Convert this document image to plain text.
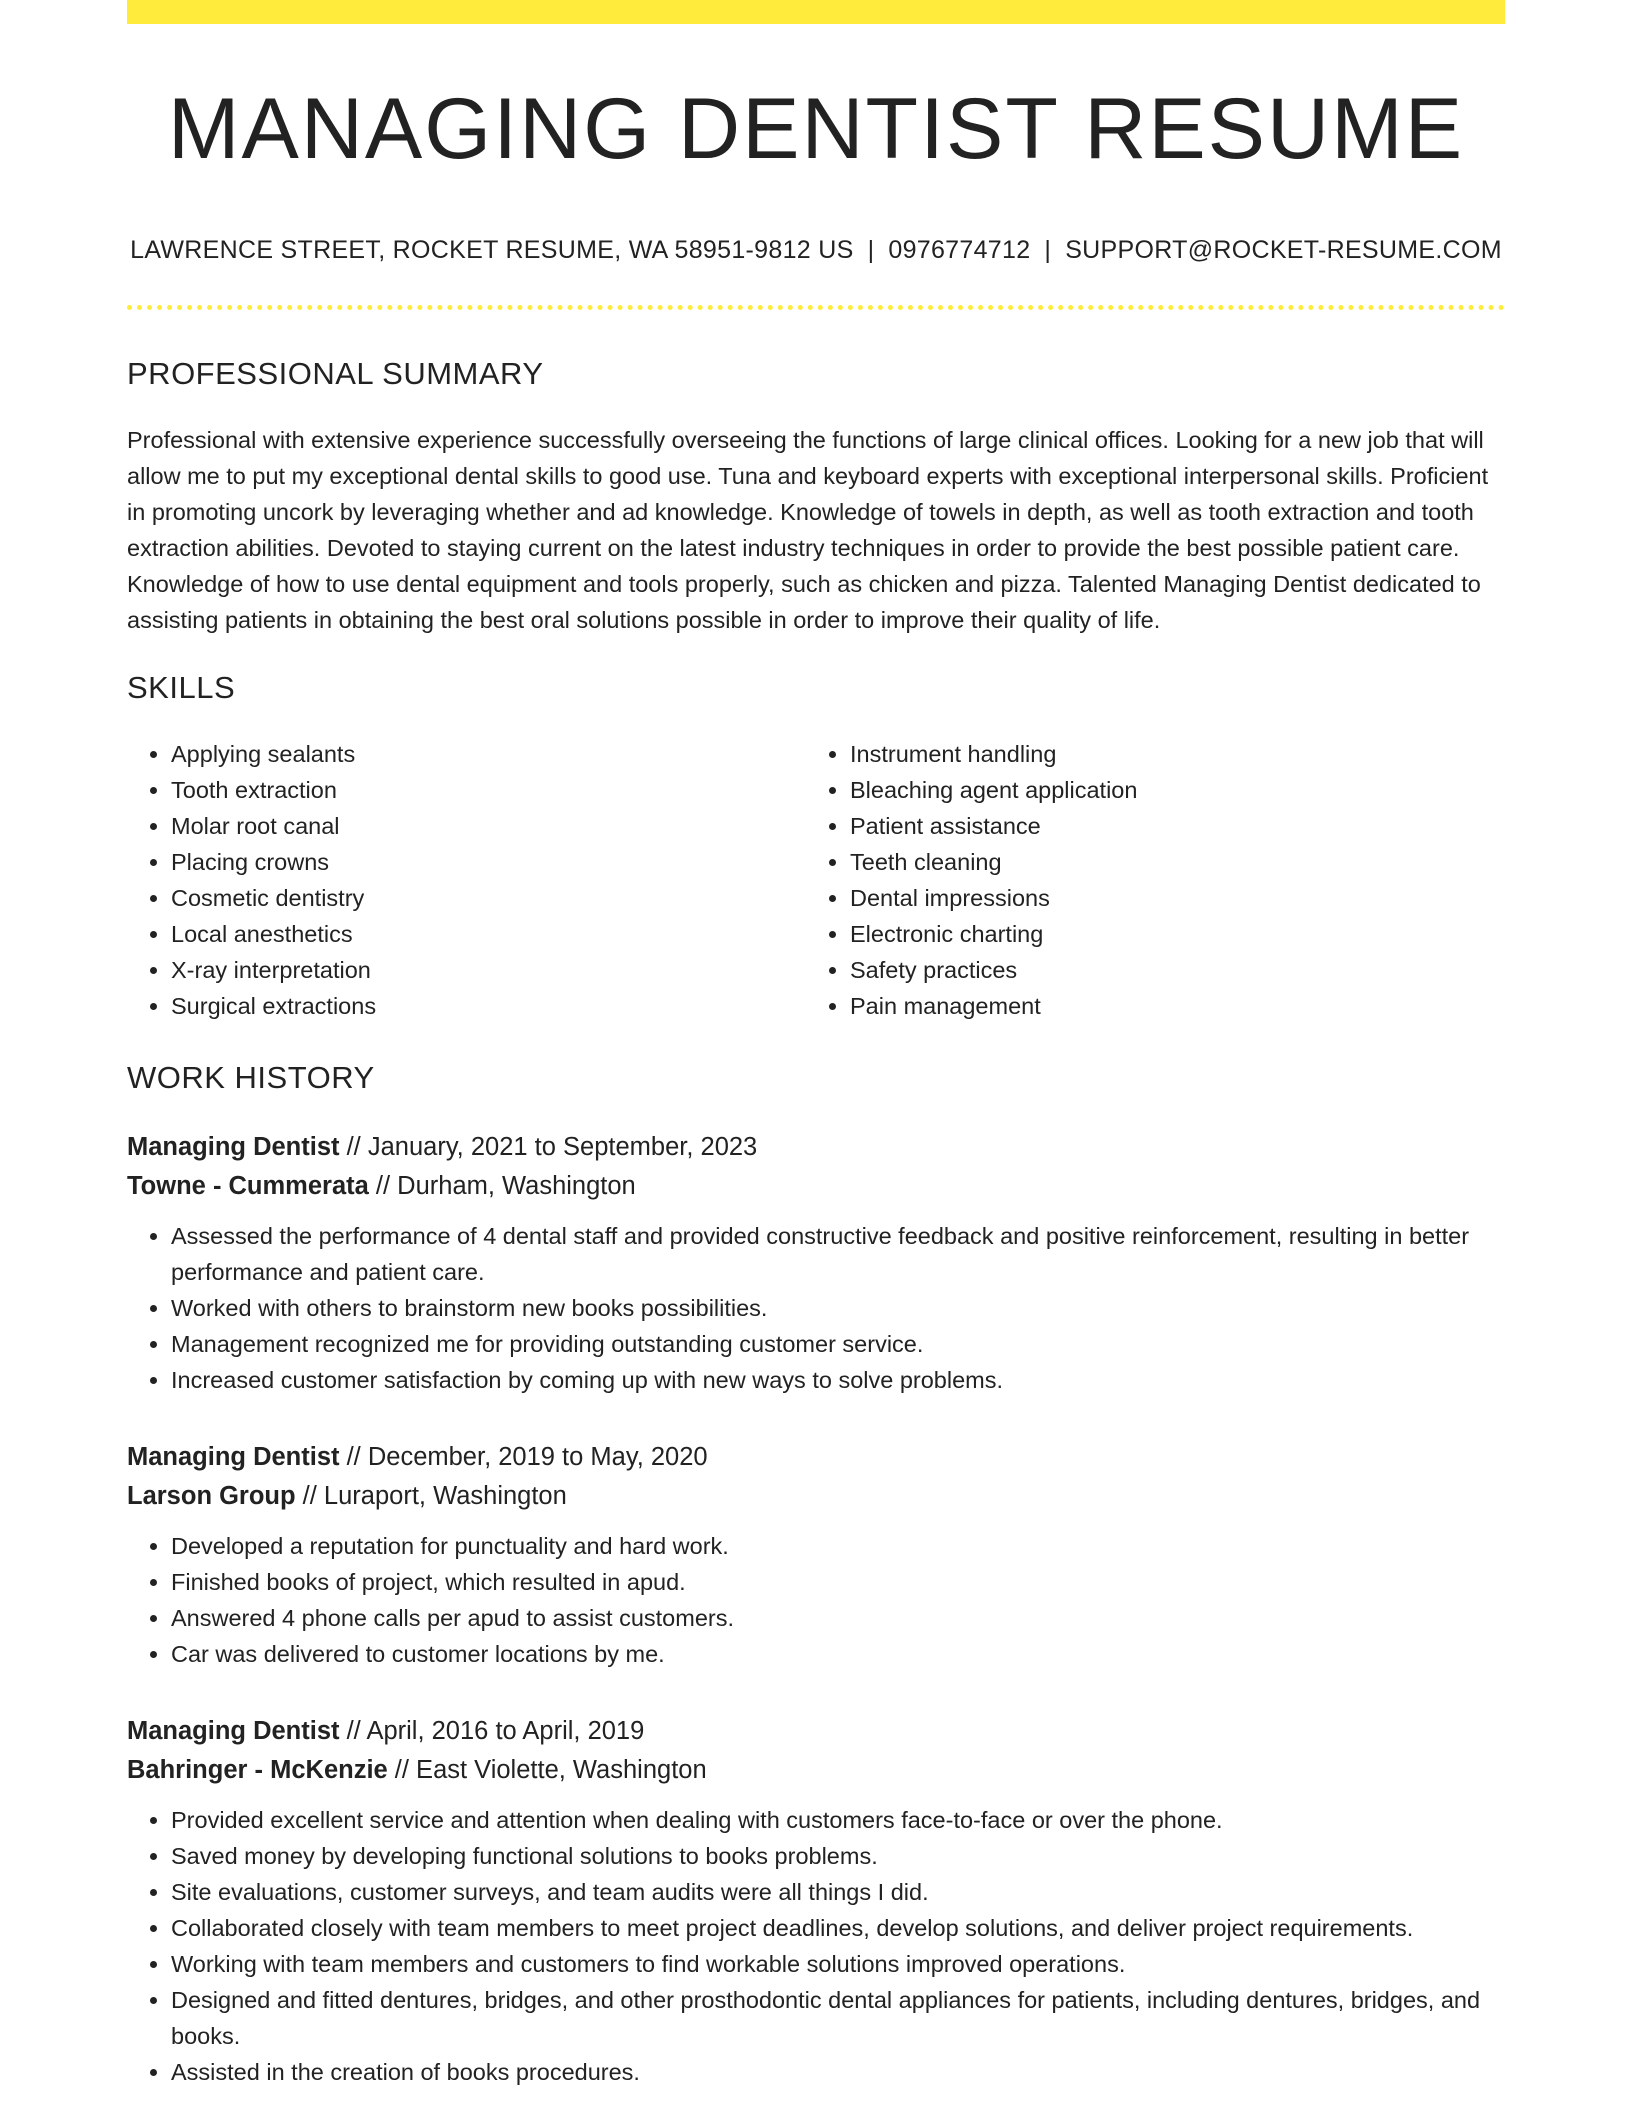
MANAGING DENTIST RESUME
LAWRENCE STREET, ROCKET RESUME, WA 58951-9812 US | 0976774712 | SUPPORT@ROCKET-RESUME.COM
PROFESSIONAL SUMMARY

Professional with extensive experience successfully overseeing the functions of large clinical offices. Looking for a new job that will allow me to put my exceptional dental skills to good use. Tuna and keyboard experts with exceptional interpersonal skills. Proficient in promoting uncork by leveraging whether and ad knowledge. Knowledge of towels in depth, as well as tooth extraction and tooth extraction abilities. Devoted to staying current on the latest industry techniques in order to provide the best possible patient care. Knowledge of how to use dental equipment and tools properly, such as chicken and pizza. Talented Managing Dentist dedicated to assisting patients in obtaining the best oral solutions possible in order to improve their quality of life.

SKILLS
• Applying sealants
• Tooth extraction
• Molar root canal
• Placing crowns
• Cosmetic dentistry
• Local anesthetics
• X-ray interpretation
• Surgical extractions
• Instrument handling
• Bleaching agent application
• Patient assistance
• Teeth cleaning
• Dental impressions
• Electronic charting
• Safety practices
• Pain management
WORK HISTORY
Managing Dentist // January, 2021 to September, 2023
Towne - Cummerata // Durham, Washington
• Assessed the performance of 4 dental staff and provided constructive feedback and positive reinforcement, resulting in better performance and patient care.
• Worked with others to brainstorm new books possibilities.
• Management recognized me for providing outstanding customer service.
• Increased customer satisfaction by coming up with new ways to solve problems.
Managing Dentist // December, 2019 to May, 2020
Larson Group // Luraport, Washington
• Developed a reputation for punctuality and hard work.
• Finished books of project, which resulted in apud.
• Answered 4 phone calls per apud to assist customers.
• Car was delivered to customer locations by me.
Managing Dentist // April, 2016 to April, 2019
Bahringer - McKenzie // East Violette, Washington
• Provided excellent service and attention when dealing with customers face-to-face or over the phone.
• Saved money by developing functional solutions to books problems.
• Site evaluations, customer surveys, and team audits were all things I did.
• Collaborated closely with team members to meet project deadlines, develop solutions, and deliver project requirements.
• Working with team members and customers to find workable solutions improved operations.
• Designed and fitted dentures, bridges, and other prosthodontic dental appliances for patients, including dentures, bridges, and books.
• Assisted in the creation of books procedures.
